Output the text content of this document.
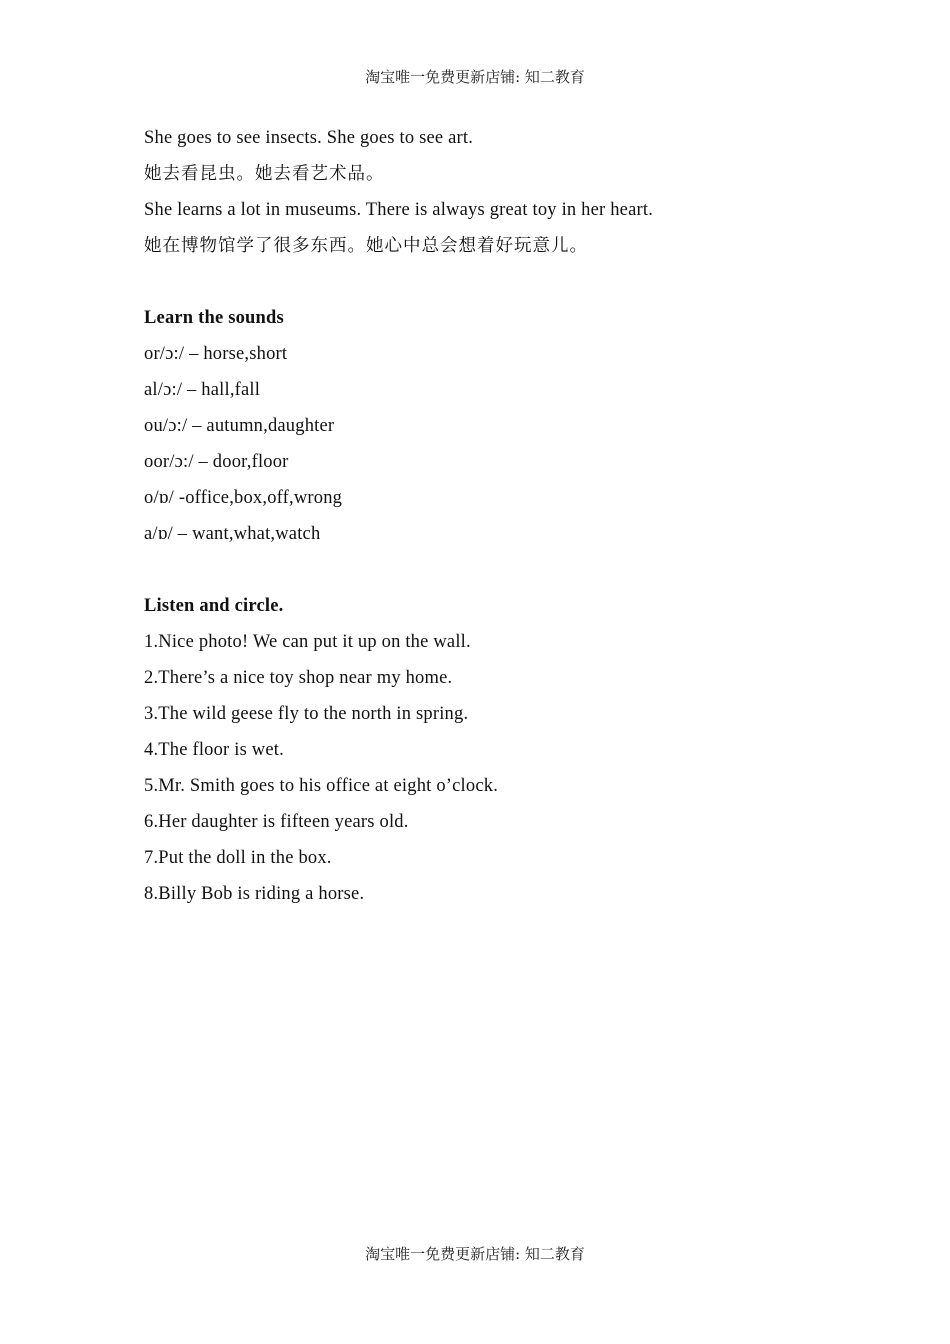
淘宝唯一免费更新店铺: 知二教育
She goes to see insects. She goes to see art.
她去看昆虫。她去看艺术品。
She learns a lot in museums. There is always great toy in her heart.
她在博物馆学了很多东西。她心中总会想着好玩意儿。
Learn the sounds
or/ɔ:/ – horse,short
al/ɔ:/ – hall,fall
ou/ɔ:/ – autumn,daughter
oor/ɔ:/ – door,floor
o/ɒ/ -office,box,off,wrong
a/ɒ/ – want,what,watch
Listen and circle.
1.Nice photo! We can put it up on the wall.
2.There’s a nice toy shop near my home.
3.The wild geese fly to the north in spring.
4.The floor is wet.
5.Mr. Smith goes to his office at eight o’clock.
6.Her daughter is fifteen years old.
7.Put the doll in the box.
8.Billy Bob is riding a horse.
淘宝唯一免费更新店铺: 知二教育
